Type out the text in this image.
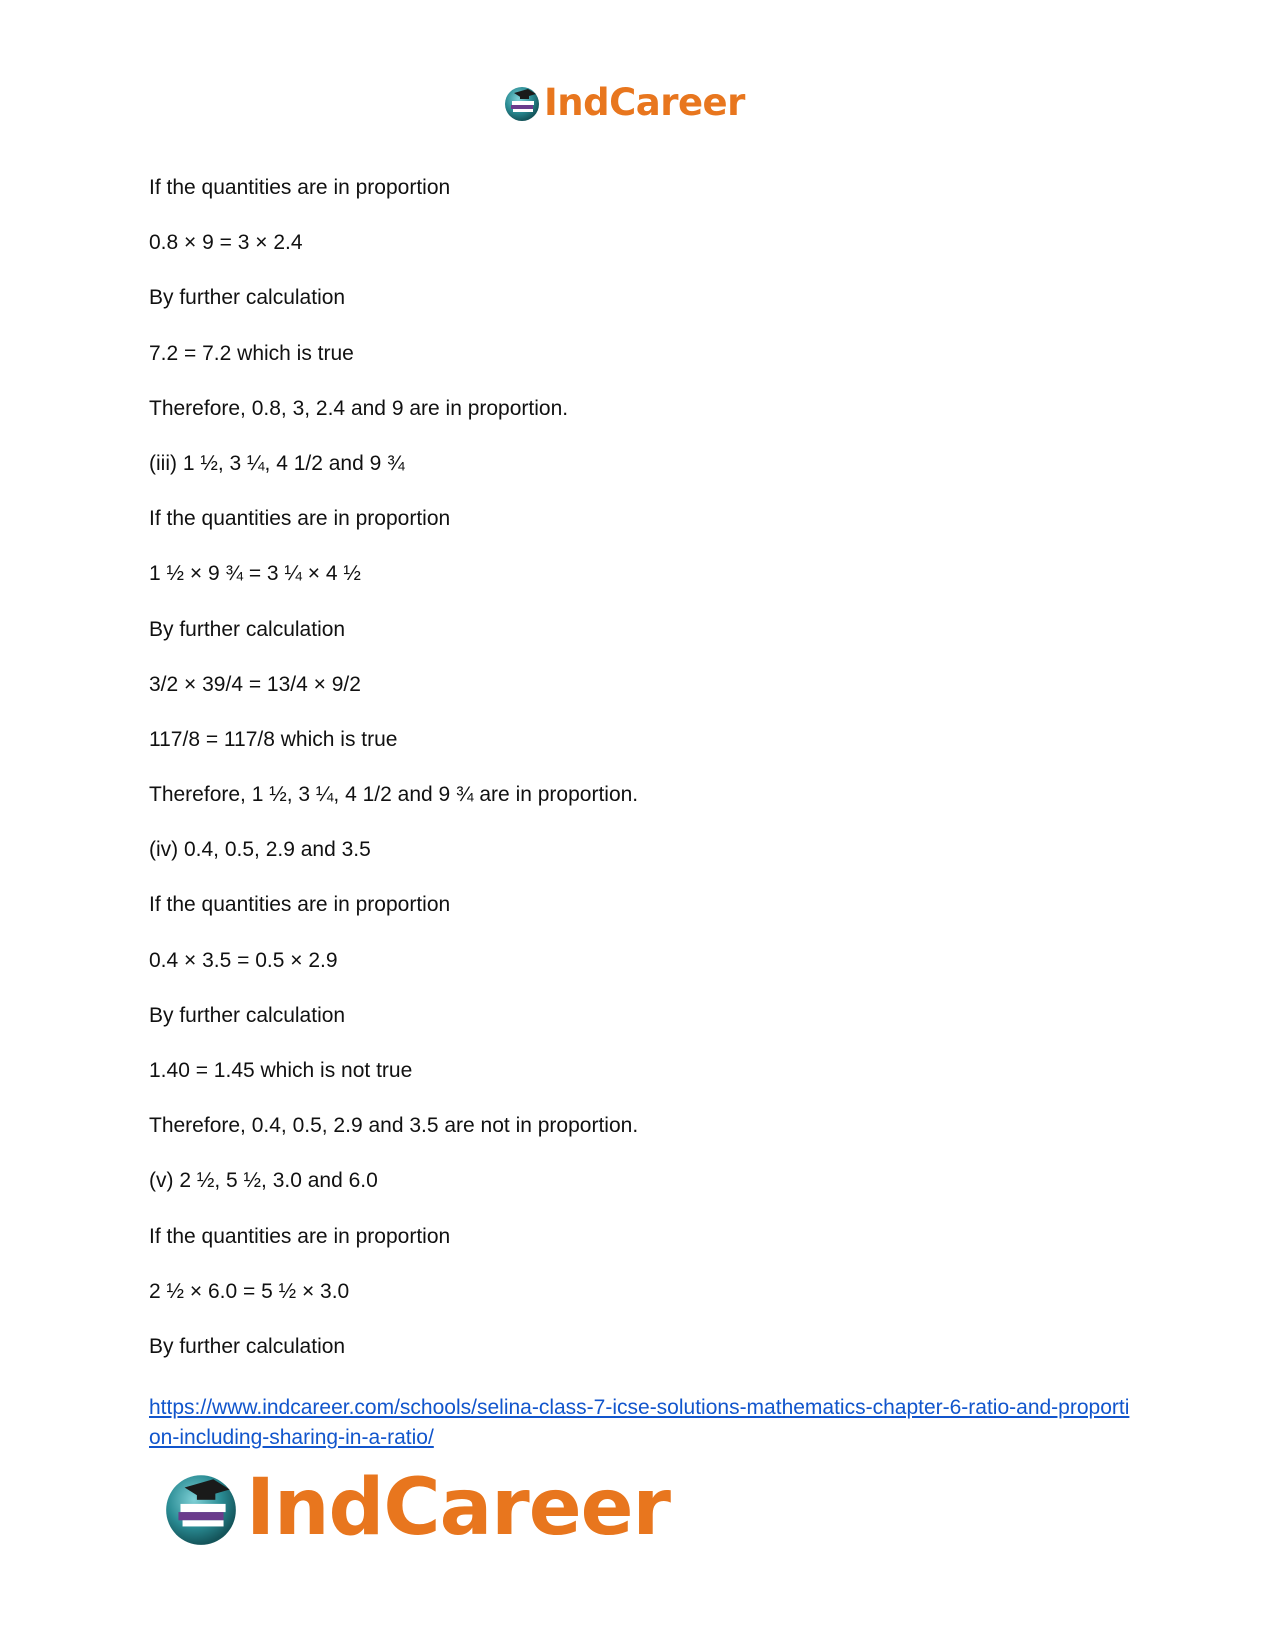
IndCareer

If the quantities are in proportion

0.8 × 9 = 3 × 2.4

By further calculation

7.2 = 7.2 which is true

Therefore, 0.8, 3, 2.4 and 9 are in proportion.

(iii) 1 ½, 3 ¼, 4 1/2 and 9 ¾

If the quantities are in proportion

1 ½ × 9 ¾ = 3 ¼ × 4 ½

By further calculation

3/2 × 39/4 = 13/4 × 9/2

117/8 = 117/8 which is true

Therefore, 1 ½, 3 ¼, 4 1/2 and 9 ¾ are in proportion.

(iv) 0.4, 0.5, 2.9 and 3.5

If the quantities are in proportion

0.4 × 3.5 = 0.5 × 2.9

By further calculation

1.40 = 1.45 which is not true

Therefore, 0.4, 0.5, 2.9 and 3.5 are not in proportion.

(v) 2 ½, 5 ½, 3.0 and 6.0

If the quantities are in proportion

2 ½ × 6.0 = 5 ½ × 3.0

By further calculation

https://www.indcareer.com/schools/selina-class-7-icse-solutions-mathematics-chapter-6-ratio-and-proportion-including-sharing-in-a-ratio/
IndCareer
